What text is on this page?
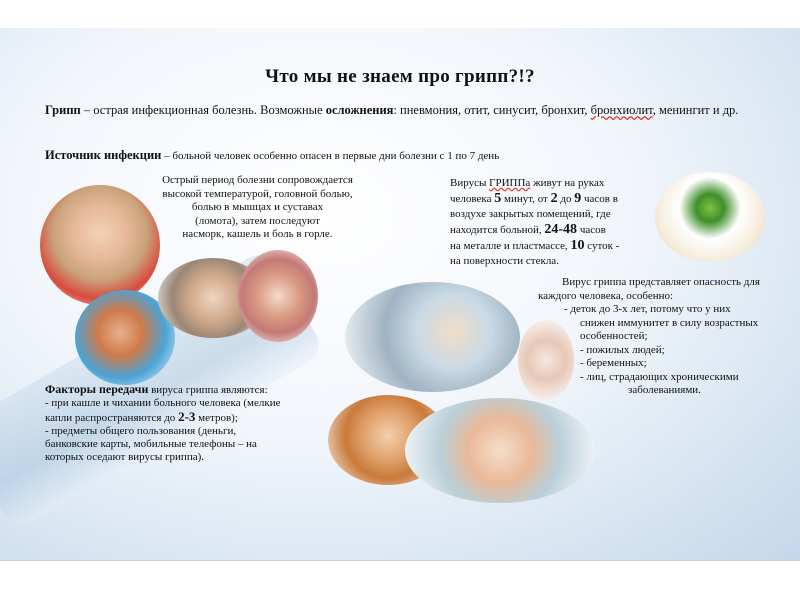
Что мы не знаем про грипп?!?
Грипп – острая инфекционная болезнь. Возможные осложнения: пневмония, отит, синусит, бронхит, бронхиолит, менингит и др.
Источник инфекции – больной человек особенно опасен в первые дни болезни с 1 по 7 день
Острый период болезни сопровождается
высокой температурой, головной болью,
болью в мышцах и суставах
(ломота), затем последуют
насморк, кашель и боль в горле.
Вирусы ГРИППа живут на руках
человека 5 минут, от 2 до 9 часов в
воздухе закрытых помещений, где
находится больной, 24-48 часов
на металле и пластмассе, 10 суток -
на поверхности стекла.
Вирус гриппа представляет опасность для
каждого человека, особенно:
- деток до 3-х лет, потому что у них
снижен иммунитет в силу возрастных
особенностей;
- пожилых людей;
- беременных;
- лиц, страдающих хроническими
заболеваниями.
Факторы передачи вируса гриппа являются:
- при кашле и чихании больного человека (мелкие
капли распространяются до 2-3 метров);
- предметы общего пользования (деньги,
банковские карты, мобильные телефоны – на
которых оседают вирусы гриппа).
